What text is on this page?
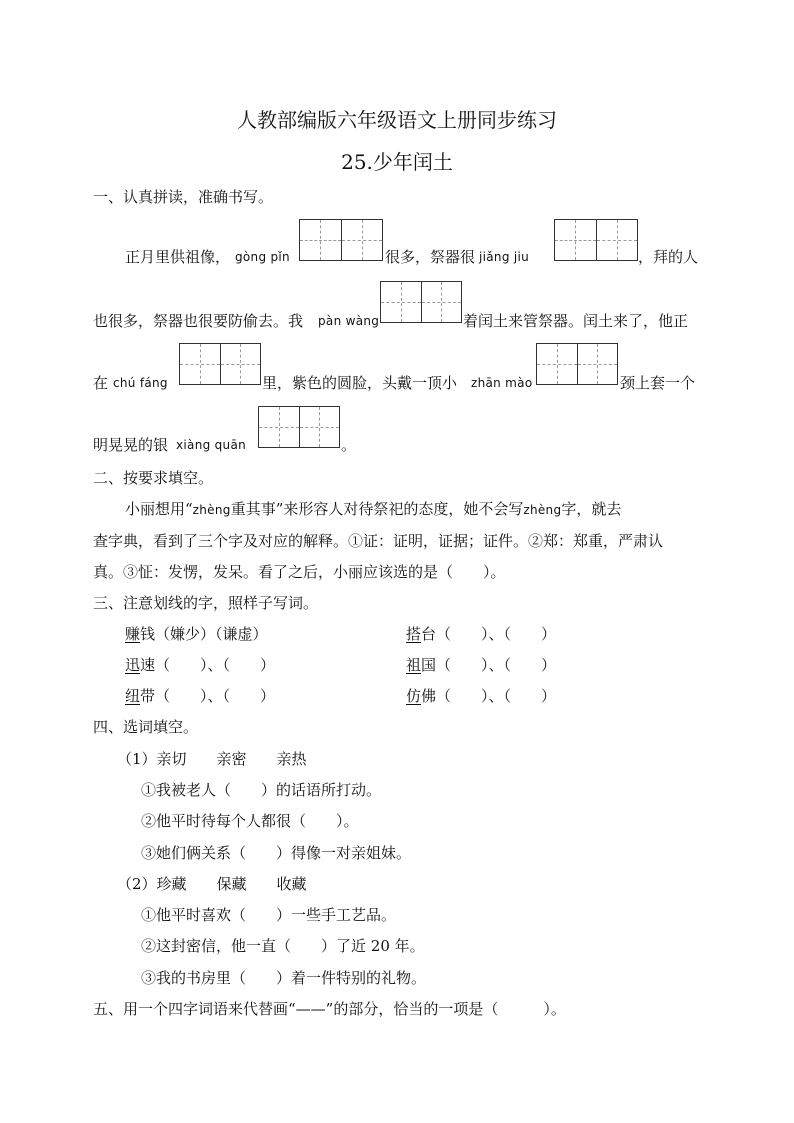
人教部编版六年级语文上册同步练习
25.少年闰土
一、认真拼读，准确书写。
正月里供祖像， gòng pǐn	很多，祭器很 jiǎng jiu	，拜的人
也很多，祭器也很要防偷去。我 pàn wàng	着闰土来管祭器。闰土来了，他正
在 chú fáng	里，紫色的圆脸，头戴一顶小 zhān mào	颈上套一个
明晃晃的银 xiàng quān	。
二、按要求填空。
小丽想用“zhèng重其事”来形容人对待祭祀的态度，她不会写zhèng字，就去
查字典，看到了三个字及对应的解释。①证：证明，证据；证件。②郑：郑重，严肃认
真。③怔：发愣，发呆。看了之后，小丽应该选的是（　　）。
三、注意划线的字，照样子写词。
赚钱（嫌少）（谦虚）	搭台（　　）、（　　）
迅速（　　）、（　　）	祖国（　　）、（　　）
纽带（　　）、（　　）	仿佛（　　）、（　　）
四、选词填空。
（1）亲切　　亲密　　亲热
①我被老人（　　）的话语所打动。
②他平时待每个人都很（　　）。
③她们俩关系（　　）得像一对亲姐妹。
（2）珍藏　　保藏　　收藏
①他平时喜欢（　　）一些手工艺品。
②这封密信，他一直（　　）了近 20 年。
③我的书房里（　　）着一件特别的礼物。
五、用一个四字词语来代替画“——”的部分，恰当的一项是（　　　）。
